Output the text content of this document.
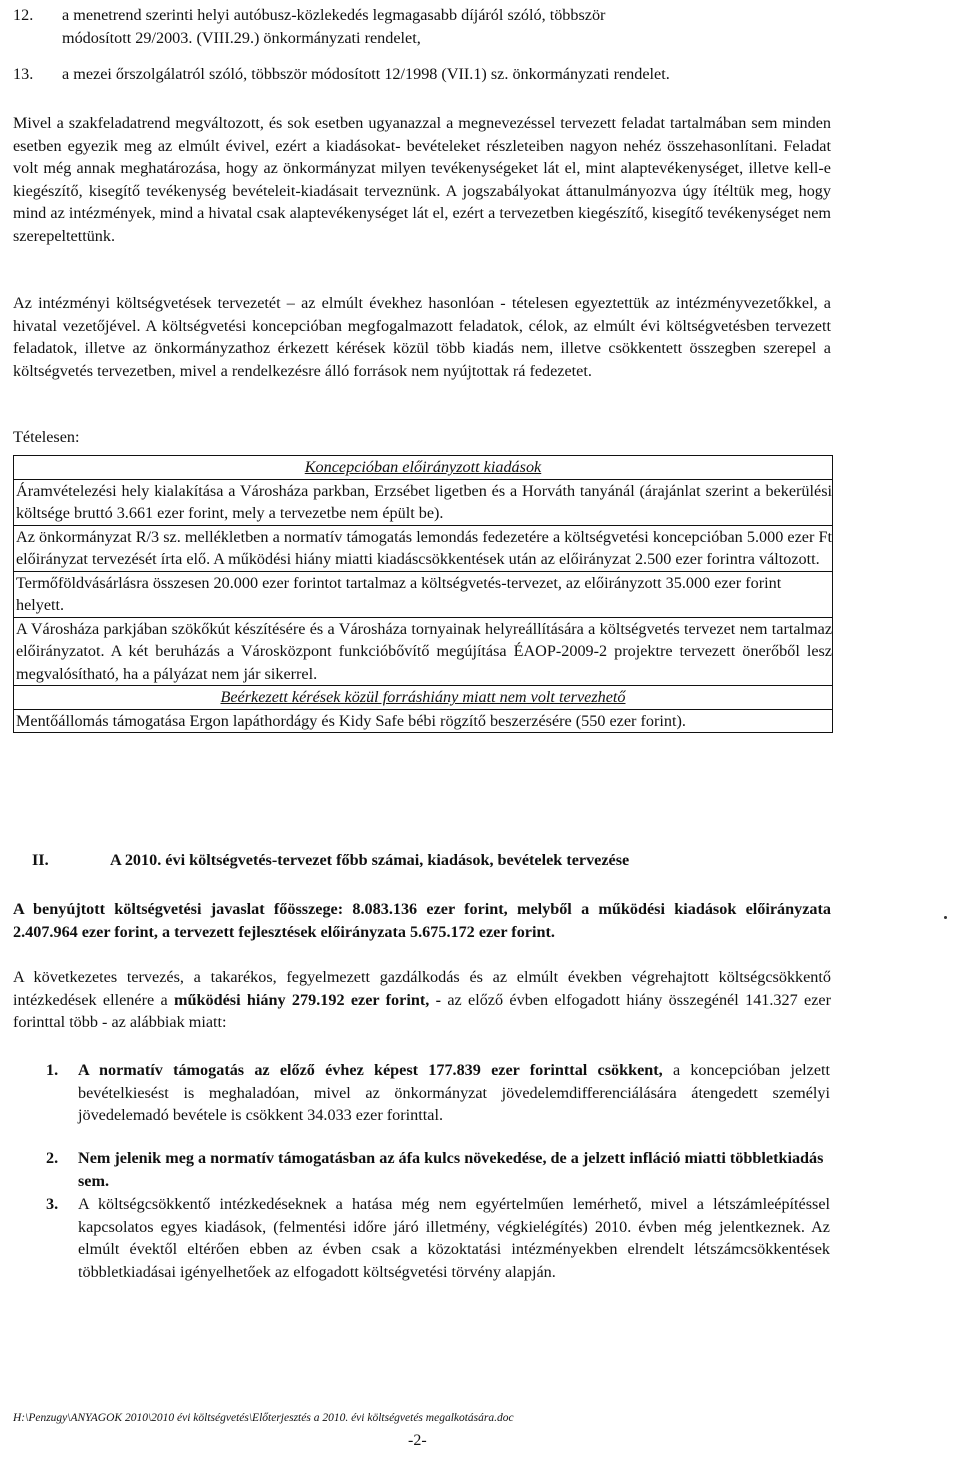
12. a menetrend szerinti helyi autóbusz-közlekedés legmagasabb díjáról szóló, többször
módosított 29/2003. (VIII.29.) önkormányzati rendelet,
13. a mezei őrszolgálatról szóló, többször módosított 12/1998 (VII.1) sz. önkormányzati rendelet.
Mivel a szakfeladatrend megváltozott, és sok esetben ugyanazzal a megnevezéssel tervezett feladat tartalmában sem minden esetben egyezik meg az elmúlt évivel, ezért a kiadásokat- bevételeket részleteiben nagyon nehéz összehasonlítani. Feladat volt még annak meghatározása, hogy az önkormányzat milyen tevékenységeket lát el, mint alaptevékenységet, illetve kell-e kiegészítő, kisegítő tevékenység bevételeit-kiadásait terveznünk. A jogszabályokat áttanulmányozva úgy ítéltük meg, hogy mind az intézmények, mind a hivatal csak alaptevékenységet lát el, ezért a tervezetben kiegészítő, kisegítő tevékenységet nem szerepeltettünk.
Az intézményi költségvetések tervezetét – az elmúlt évekhez hasonlóan - tételesen egyeztettük az intézményvezetőkkel, a hivatal vezetőjével. A költségvetési koncepcióban megfogalmazott feladatok, célok, az elmúlt évi költségvetésben tervezett feladatok, illetve az önkormányzathoz érkezett kérések közül több kiadás nem, illetve csökkentett összegben szerepel a költségvetés tervezetben, mivel a rendelkezésre álló források nem nyújtottak rá fedezetet.
Tételesen:
Koncepcióban előirányzott kiadások
Áramvételezési hely kialakítása a Városháza parkban, Erzsébet ligetben és a Horváth tanyánál (árajánlat szerint a bekerülési költsége bruttó 3.661 ezer forint, mely a tervezetbe nem épült be).
Az önkormányzat R/3 sz. mellékletben a normatív támogatás lemondás fedezetére a költségvetési koncepcióban 5.000 ezer Ft előirányzat tervezését írta elő. A működési hiány miatti kiadáscsökkentések után az előirányzat 2.500 ezer forintra változott.
Termőföldvásárlásra összesen 20.000 ezer forintot tartalmaz a költségvetés-tervezet, az előirányzott 35.000 ezer forint helyett.
A Városháza parkjában szökőkút készítésére és a Városháza tornyainak helyreállítására a költségvetés tervezet nem tartalmaz előirányzatot. A két beruházás a Városközpont funkcióbővítő megújítása ÉAOP-2009-2 projektre tervezett önerőből lesz megvalósítható, ha a pályázat nem jár sikerrel.
Beérkezett kérések közül forráshiány miatt nem volt tervezhető
Mentőállomás támogatása Ergon lapáthordágy és Kidy Safe bébi rögzítő beszerzésére (550 ezer forint).
II.	A 2010. évi költségvetés-tervezet főbb számai, kiadások, bevételek tervezése
A benyújtott költségvetési javaslat főösszege: 8.083.136 ezer forint, melyből a működési kiadások előirányzata 2.407.964 ezer forint, a tervezett fejlesztések előirányzata 5.675.172 ezer forint.
A következetes tervezés, a takarékos, fegyelmezett gazdálkodás és az elmúlt években végrehajtott költségcsökkentő intézkedések ellenére a működési hiány 279.192 ezer forint, - az előző évben elfogadott hiány összegénél 141.327 ezer forinttal több - az alábbiak miatt:
1. A normatív támogatás az előző évhez képest 177.839 ezer forinttal csökkent, a koncepcióban jelzett bevételkiesést is meghaladóan, mivel az önkormányzat jövedelemdifferenciálására átengedett személyi jövedelemadó bevétele is csökkent 34.033 ezer forinttal.
2. Nem jelenik meg a normatív támogatásban az áfa kulcs növekedése, de a jelzett infláció miatti többletkiadás sem.
3. A költségcsökkentő intézkedéseknek a hatása még nem egyértelműen lemérhető, mivel a létszámleépítéssel kapcsolatos egyes kiadások, (felmentési időre járó illetmény, végkielégítés) 2010. évben még jelentkeznek. Az elmúlt évektől eltérően ebben az évben csak a közoktatási intézményekben elrendelt létszámcsökkentések többletkiadásai igényelhetőek az elfogadott költségvetési törvény alapján.
H:\Penzugy\ANYAGOK 2010\2010 évi költségvetés\Előterjesztés a 2010. évi költségvetés megalkotására.doc
-2-
